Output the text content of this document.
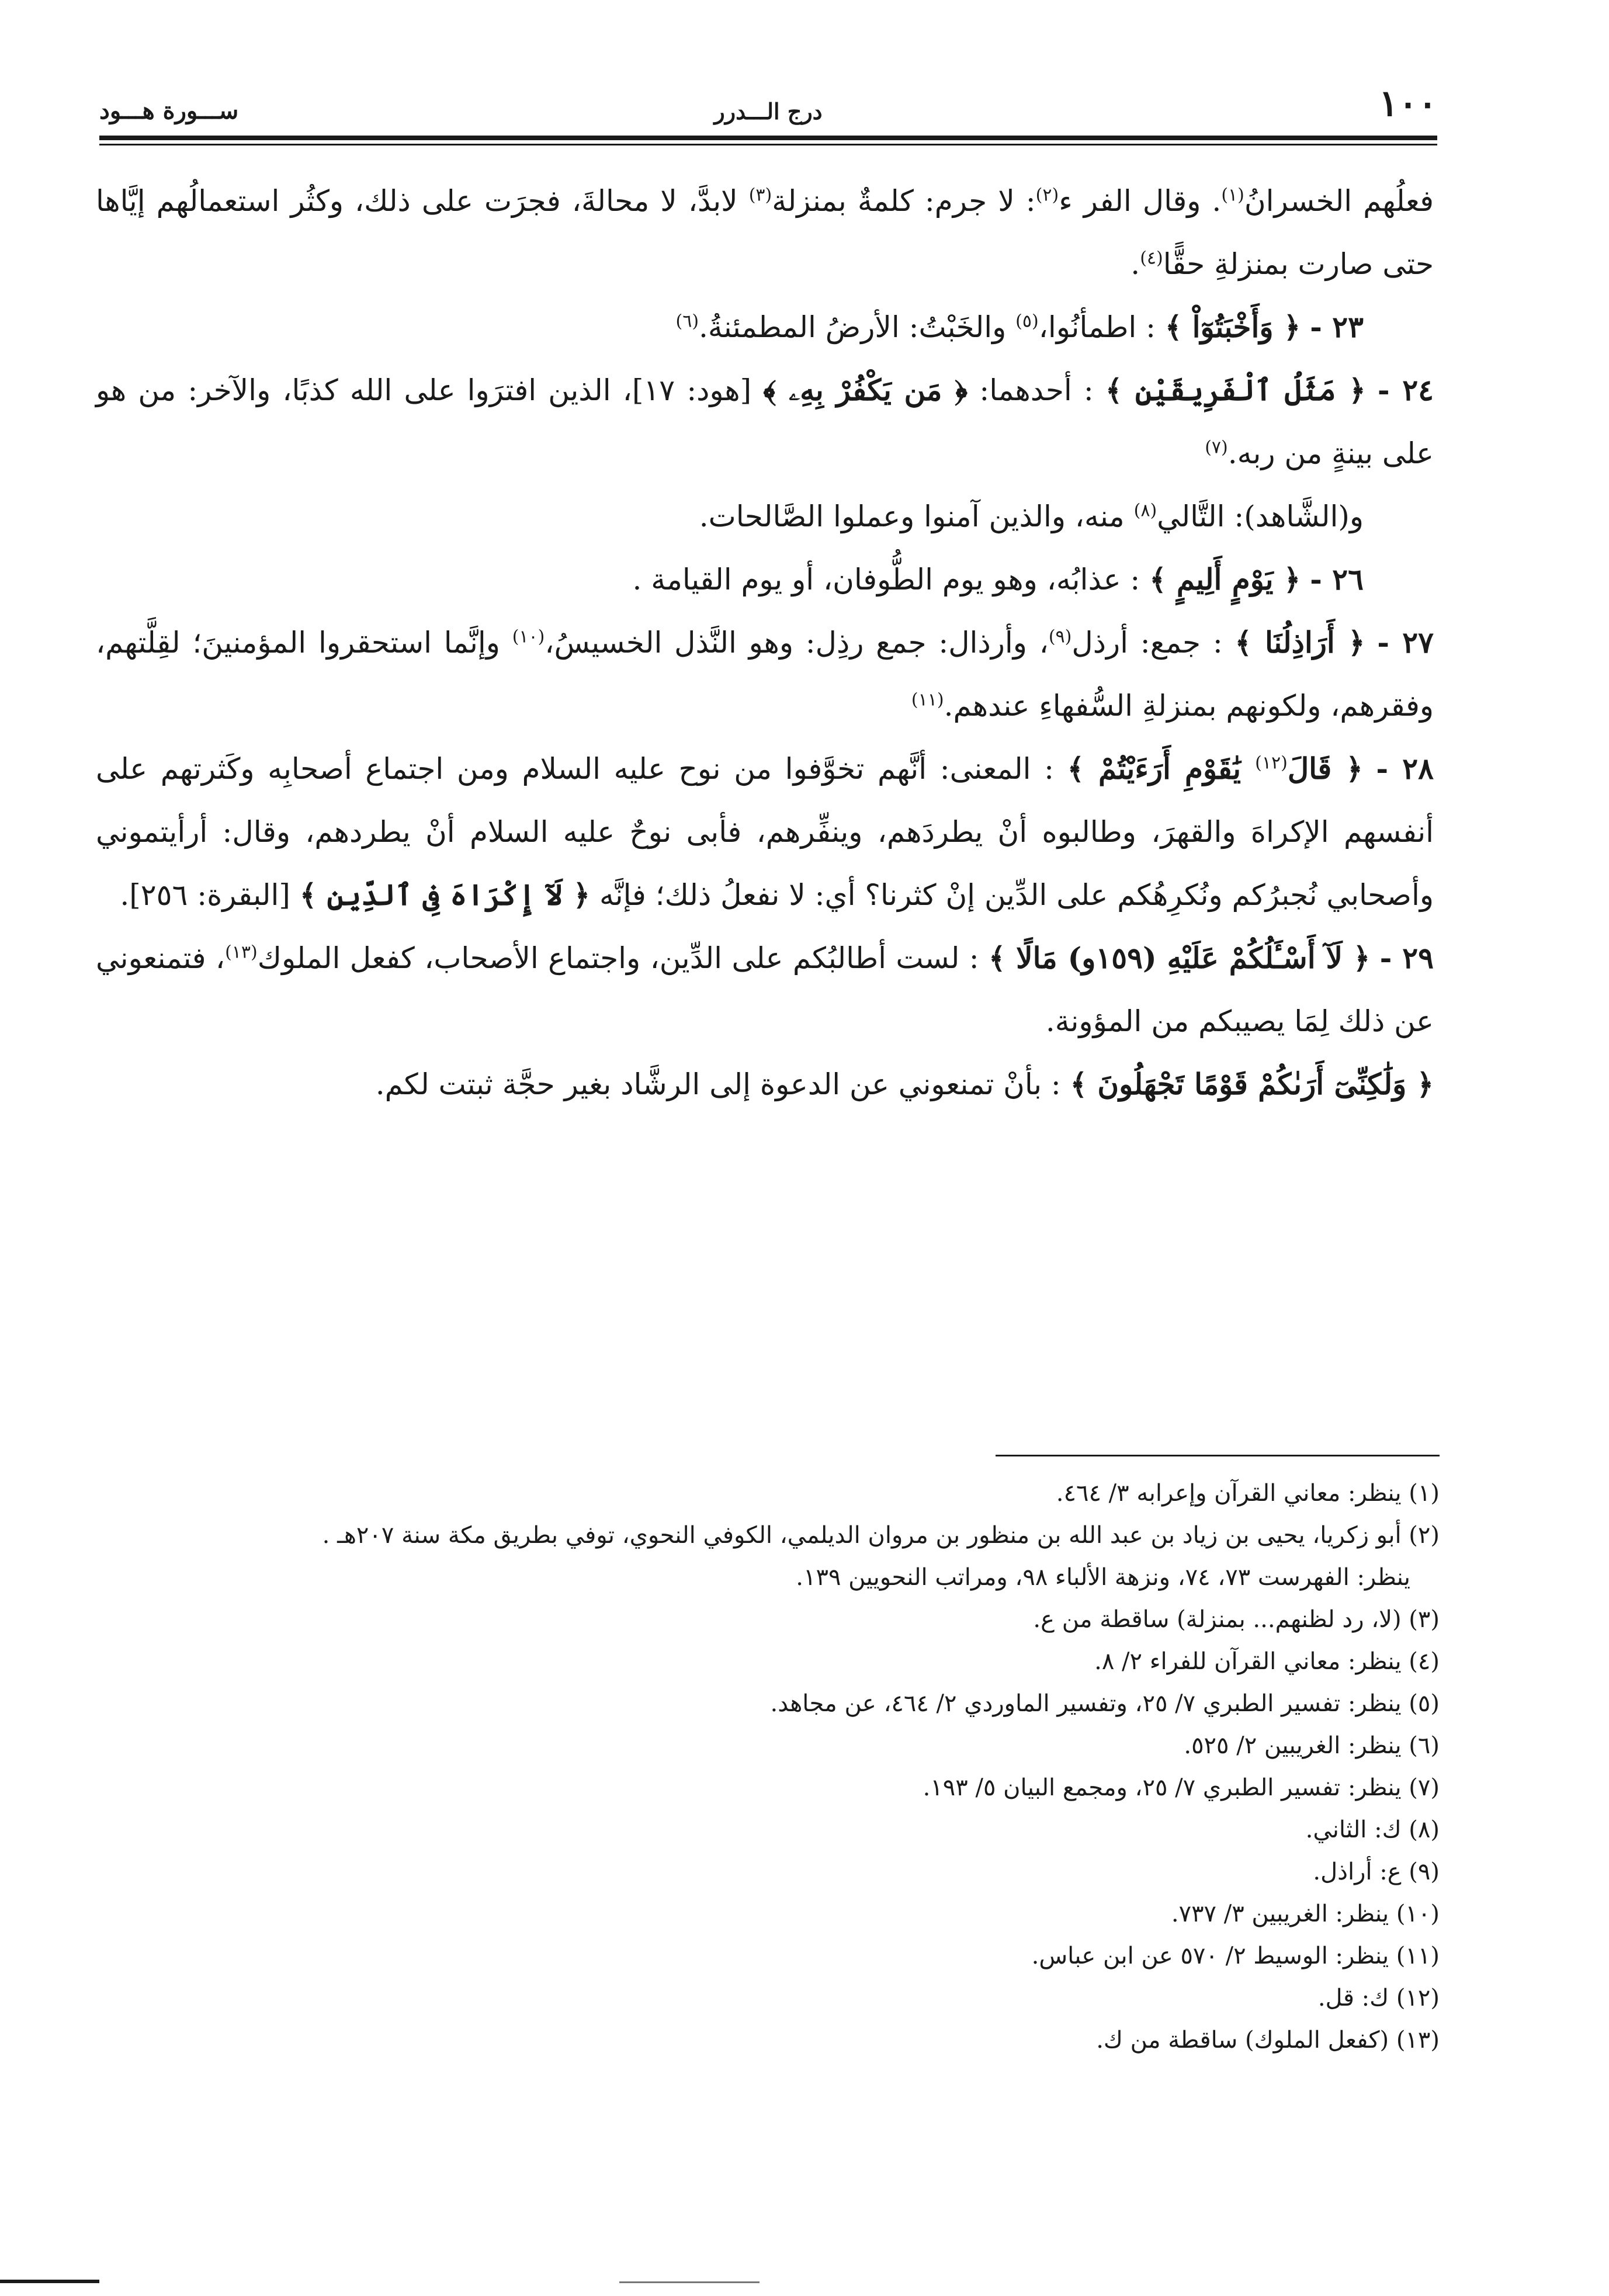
١٠٠
درج الـــدرر
ســـورة هـــود

فعلُهم الخسرانُ$^{(١)}$. وقال الفر ء$^{(٢)}$: لا جرم: كلمةٌ بمنزلة$^{(٣)}$ لابدَّ، لا محالةَ، فجرَت على ذلك، وكثُر استعمالُهم إيَّاها حتى صارت بمنزلةِ حقًّا$^{(٤)}$.

٢٣ - ﴿ وَأَخْبَتُوٓاْ ﴾ : اطمأنُوا،$^{(٥)}$ والخَبْتُ: الأرضُ المطمئنةُ.$^{(٦)}$

٢٤ - ﴿ مَثَلُ ٱلْفَرِيقَيْنِ ﴾ : أحدهما: ﴿ مَن يَكْفُرْ بِهِۦ ﴾ [هود: ١٧]، الذين افترَوا على الله كذبًا، والآخر: من هو على بينةٍ من ربه.$^{(٧)}$

و(الشَّاهد): التَّالي$^{(٨)}$ منه، والذين آمنوا وعملوا الصَّالحات.

٢٦ - ﴿ يَوْمٍ أَلِيمٍ ﴾ : عذابُه، وهو يوم الطُّوفان، أو يوم القيامة .

٢٧ - ﴿ أَرَاذِلُنَا ﴾ : جمع: أرذل$^{(٩)}$، وأرذال: جمع رذِل: وهو النَّذل الخسيسُ،$^{(١٠)}$ وإنَّما استحقروا المؤمنينَ؛ لقِلَّتهم، وفقرهم، ولكونهم بمنزلةِ السُّفهاءِ عندهم.$^{(١١)}$

٢٨ - ﴿ قَالَ$^{(١٢)}$ يَٰقَوْمِ أَرَءَيْتُمْ ﴾ : المعنى: أنَّهم تخوَّفوا من نوح عليه السلام ومن اجتماع أصحابِه وكَثرتهم على أنفسهم الإكراهَ والقهرَ، وطالبوه أنْ يطردَهم، وينفِّرهم، فأبى نوحٌ عليه السلام أنْ يطردهم، وقال: أرأيتموني وأصحابي نُجبرُكم ونُكرِهُكم على الدِّين إنْ كثرنا؟ أي: لا نفعلُ ذلك؛ فإنَّه ﴿ لَآ إِكْرَاهَ فِى ٱلدِّينِ ﴾ [البقرة: ٢٥٦].

٢٩ - ﴿ لَآ أَسْـَٔلُكُمْ عَلَيْهِ (١٥٩و) مَالًا ﴾ : لست أطالبُكم على الدِّين، واجتماع الأصحاب، كفعل الملوك$^{(١٣)}$، فتمنعوني عن ذلك لِمَا يصيبكم من المؤونة.

﴿ وَلَٰكِنِّىٓ أَرَىٰكُمْ قَوْمًا تَجْهَلُونَ ﴾ : بأنْ تمنعوني عن الدعوة إلى الرشَّاد بغير حجَّة ثبتت لكم.

(١) ينظر: معاني القرآن وإعرابه ٣/ ٤٦٤.
(٢) أبو زكريا، يحيى بن زياد بن عبد الله بن منظور بن مروان الديلمي، الكوفي النحوي، توفي بطريق مكة سنة ٢٠٧هـ .
ينظر: الفهرست ٧٣، ٧٤، ونزهة الألباء ٩٨، ومراتب النحويين ١٣٩.
(٣) (لا، رد لظنهم... بمنزلة) ساقطة من ع.
(٤) ينظر: معاني القرآن للفراء ٢/ ٨.
(٥) ينظر: تفسير الطبري ٧/ ٢٥، وتفسير الماوردي ٢/ ٤٦٤، عن مجاهد.
(٦) ينظر: الغريبين ٢/ ٥٢٥.
(٧) ينظر: تفسير الطبري ٧/ ٢٥، ومجمع البيان ٥/ ١٩٣.
(٨) ك: الثاني.
(٩) ع: أراذل.
(١٠) ينظر: الغريبين ٣/ ٧٣٧.
(١١) ينظر: الوسيط ٢/ ٥٧٠ عن ابن عباس.
(١٢) ك: قل.
(١٣) (كفعل الملوك) ساقطة من ك.
